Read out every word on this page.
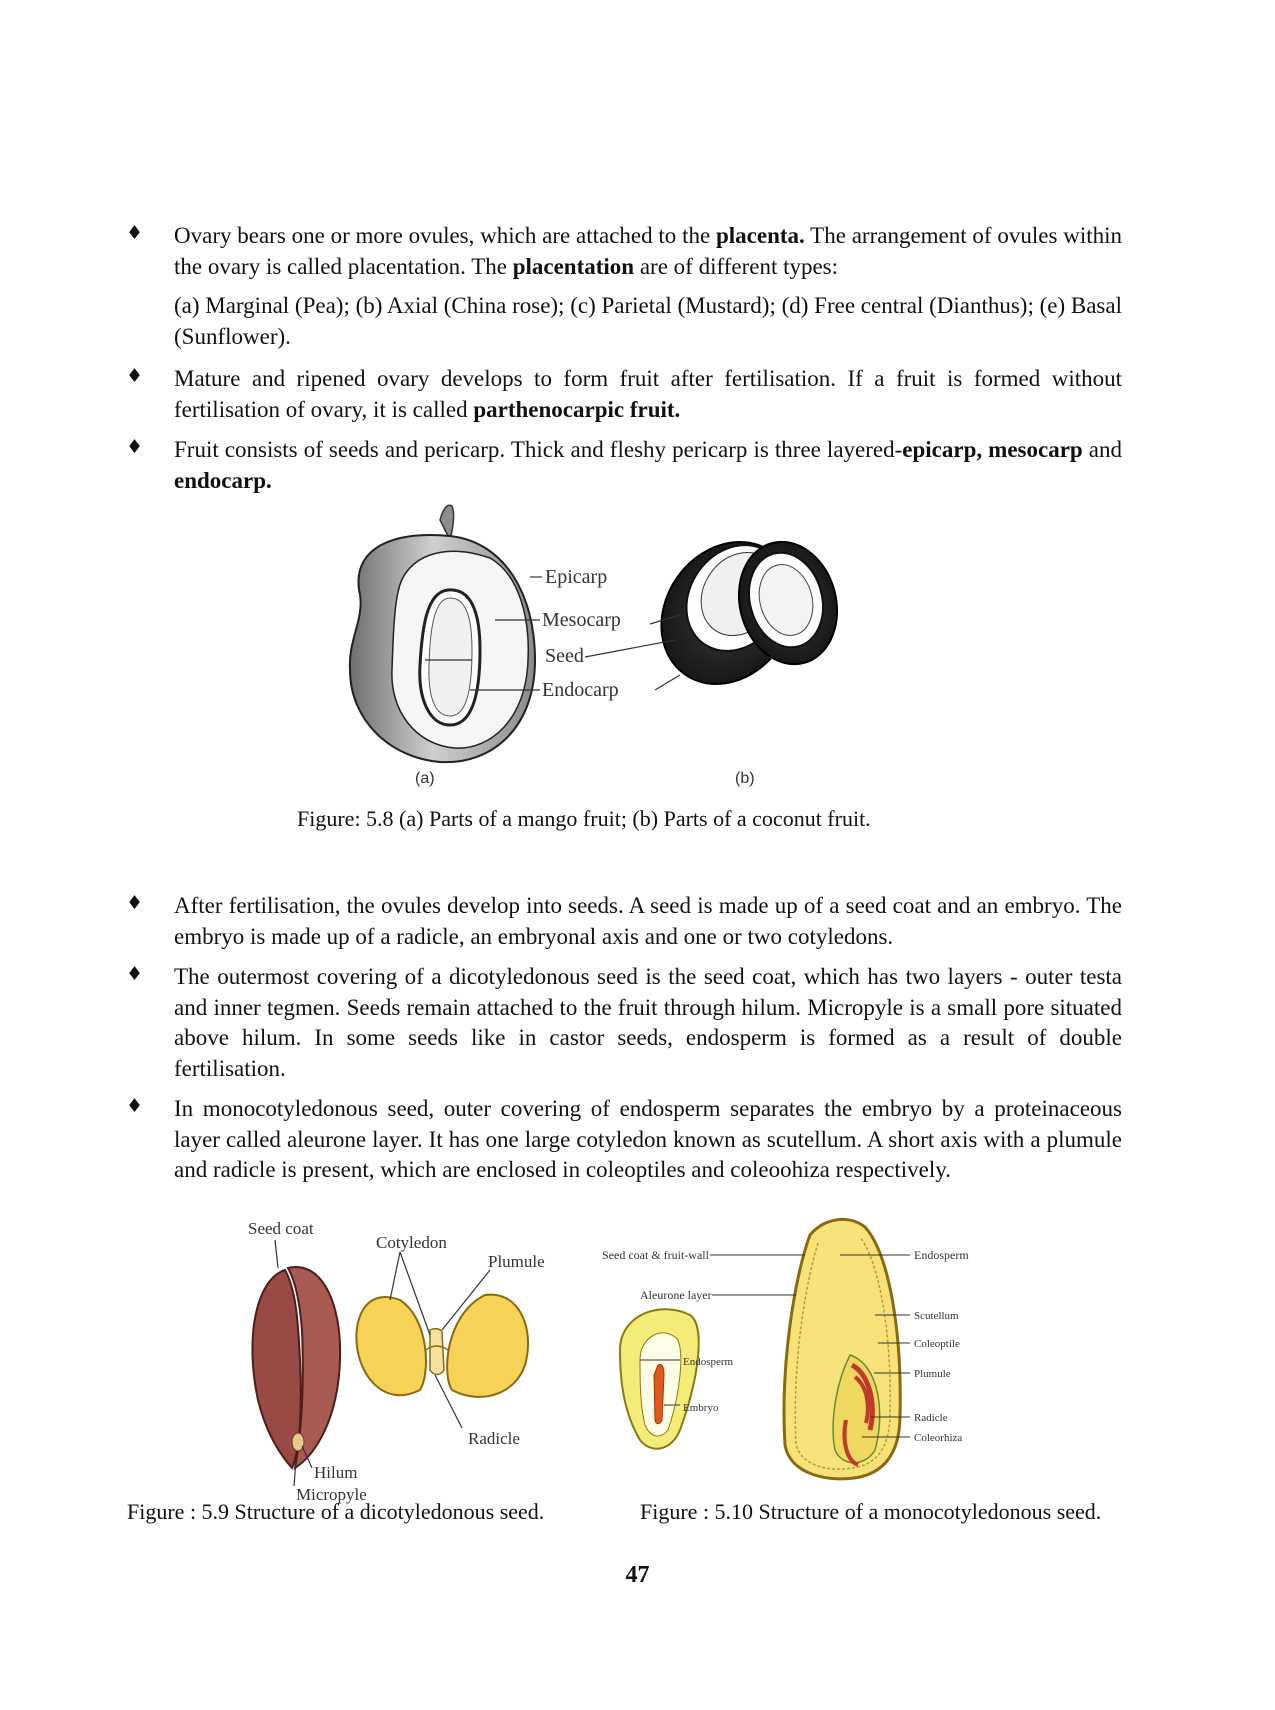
♦ Ovary bears one or more ovules, which are attached to the placenta. The arrangement of ovules within the ovary is called placentation. The placentation are of different types:
(a) Marginal (Pea); (b) Axial (China rose); (c) Parietal (Mustard); (d) Free central (Dianthus); (e) Basal (Sunflower).
♦ Mature and ripened ovary develops to form fruit after fertilisation. If a fruit is formed without fertilisation of ovary, it is called parthenocarpic fruit.
♦ Fruit consists of seeds and pericarp. Thick and fleshy pericarp is three layered-epicarp, mesocarp and endocarp.
Epicarp
Mesocarp
Seed
Endocarp
(a)	(b)
Figure: 5.8 (a) Parts of a mango fruit; (b) Parts of a coconut fruit.
♦ After fertilisation, the ovules develop into seeds. A seed is made up of a seed coat and an embryo. The embryo is made up of a radicle, an embryonal axis and one or two cotyledons.
♦ The outermost covering of a dicotyledonous seed is the seed coat, which has two layers - outer testa and inner tegmen. Seeds remain attached to the fruit through hilum. Micropyle is a small pore situated above hilum. In some seeds like in castor seeds, endosperm is formed as a result of double fertilisation.
♦ In monocotyledonous seed, outer covering of endosperm separates the embryo by a proteinaceous layer called aleurone layer. It has one large cotyledon known as scutellum. A short axis with a plumule and radicle is present, which are enclosed in coleoptiles and coleoohiza respectively.
Seed coat
Cotyledon
Plumule
Hilum
Radicle
Micropyle
Figure : 5.9 Structure of a dicotyledonous seed.
Seed coat & fruit-wall
Aleurone layer
Endosperm
Embryo
Endosperm
Scutellum
Coleoptile
Plumule
Radicle
Coleorhiza
Figure : 5.10 Structure of a monocotyledonous seed.
47
